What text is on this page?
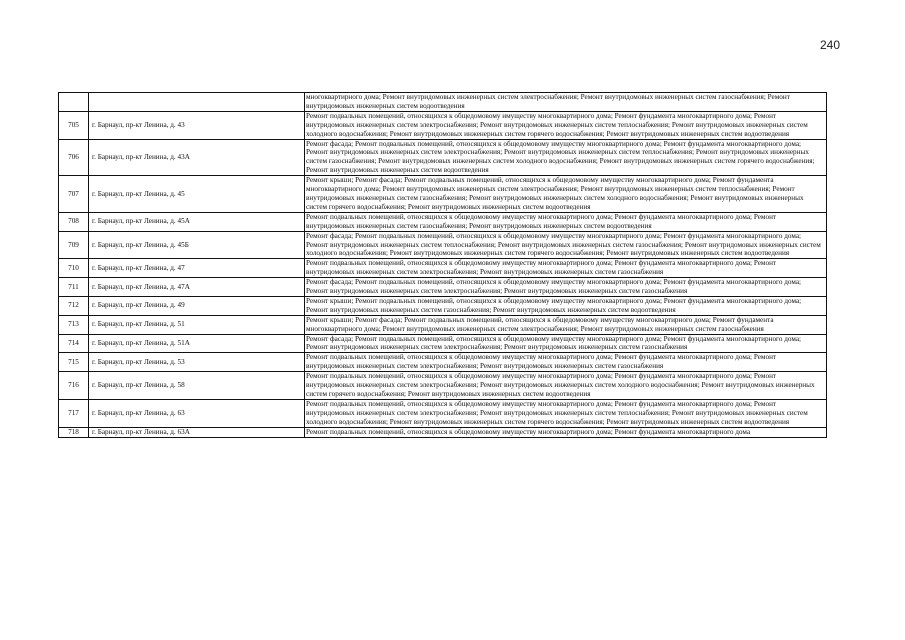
240
		многоквартирного дома; Ремонт внутридомовых инженерных систем электроснабжения; Ремонт внутридомовых инженерных систем газоснабжения; Ремонт внутридомовых инженерных систем водоотведения
705	г. Барнаул, пр-кт Ленина, д. 43	Ремонт подвальных помещений, относящихся к общедомовому имуществу многоквартирного дома; Ремонт фундамента многоквартирного дома; Ремонт внутридомовых инженерных систем электроснабжения; Ремонт внутридомовых инженерных систем теплоснабжения; Ремонт внутридомовых инженерных систем холодного водоснабжения; Ремонт внутридомовых инженерных систем горячего водоснабжения; Ремонт внутридомовых инженерных систем водоотведения
706	г. Барнаул, пр-кт Ленина, д. 43А	Ремонт фасада; Ремонт подвальных помещений, относящихся к общедомовому имуществу многоквартирного дома; Ремонт фундамента многоквартирного дома; Ремонт внутридомовых инженерных систем электроснабжения; Ремонт внутридомовых инженерных систем теплоснабжения; Ремонт внутридомовых инженерных систем газоснабжения; Ремонт внутридомовых инженерных систем холодного водоснабжения; Ремонт внутридомовых инженерных систем горячего водоснабжения; Ремонт внутридомовых инженерных систем водоотведения
707	г. Барнаул, пр-кт Ленина, д. 45	Ремонт крыши; Ремонт фасада; Ремонт подвальных помещений, относящихся к общедомовому имуществу многоквартирного дома; Ремонт фундамента многоквартирного дома; Ремонт внутридомовых инженерных систем электроснабжения; Ремонт внутридомовых инженерных систем теплоснабжения; Ремонт внутридомовых инженерных систем газоснабжения; Ремонт внутридомовых инженерных систем холодного водоснабжения; Ремонт внутридомовых инженерных систем горячего водоснабжения; Ремонт внутридомовых инженерных систем водоотведения
708	г. Барнаул, пр-кт Ленина, д. 45А	Ремонт подвальных помещений, относящихся к общедомовому имуществу многоквартирного дома; Ремонт фундамента многоквартирного дома; Ремонт внутридомовых инженерных систем газоснабжения; Ремонт внутридомовых инженерных систем водоотведения
709	г. Барнаул, пр-кт Ленина, д. 45Б	Ремонт фасада; Ремонт подвальных помещений, относящихся к общедомовому имуществу многоквартирного дома; Ремонт фундамента многоквартирного дома; Ремонт внутридомовых инженерных систем теплоснабжения; Ремонт внутридомовых инженерных систем газоснабжения; Ремонт внутридомовых инженерных систем холодного водоснабжения; Ремонт внутридомовых инженерных систем горячего водоснабжения; Ремонт внутридомовых инженерных систем водоотведения
710	г. Барнаул, пр-кт Ленина, д. 47	Ремонт подвальных помещений, относящихся к общедомовому имуществу многоквартирного дома; Ремонт фундамента многоквартирного дома; Ремонт внутридомовых инженерных систем электроснабжения; Ремонт внутридомовых инженерных систем газоснабжения
711	г. Барнаул, пр-кт Ленина, д. 47А	Ремонт фасада; Ремонт подвальных помещений, относящихся к общедомовому имуществу многоквартирного дома; Ремонт фундамента многоквартирного дома; Ремонт внутридомовых инженерных систем электроснабжения; Ремонт внутридомовых инженерных систем газоснабжения
712	г. Барнаул, пр-кт Ленина, д. 49	Ремонт крыши; Ремонт подвальных помещений, относящихся к общедомовому имуществу многоквартирного дома; Ремонт фундамента многоквартирного дома; Ремонт внутридомовых инженерных систем газоснабжения; Ремонт внутридомовых инженерных систем водоотведения
713	г. Барнаул, пр-кт Ленина, д. 51	Ремонт крыши; Ремонт фасада; Ремонт подвальных помещений, относящихся к общедомовому имуществу многоквартирного дома; Ремонт фундамента многоквартирного дома; Ремонт внутридомовых инженерных систем электроснабжения; Ремонт внутридомовых инженерных систем газоснабжения
714	г. Барнаул, пр-кт Ленина, д. 51А	Ремонт фасада; Ремонт подвальных помещений, относящихся к общедомовому имуществу многоквартирного дома; Ремонт фундамента многоквартирного дома; Ремонт внутридомовых инженерных систем электроснабжения; Ремонт внутридомовых инженерных систем газоснабжения
715	г. Барнаул, пр-кт Ленина, д. 53	Ремонт подвальных помещений, относящихся к общедомовому имуществу многоквартирного дома; Ремонт фундамента многоквартирного дома; Ремонт внутридомовых инженерных систем электроснабжения; Ремонт внутридомовых инженерных систем газоснабжения
716	г. Барнаул, пр-кт Ленина, д. 58	Ремонт подвальных помещений, относящихся к общедомовому имуществу многоквартирного дома; Ремонт фундамента многоквартирного дома; Ремонт внутридомовых инженерных систем электроснабжения; Ремонт внутридомовых инженерных систем холодного водоснабжения; Ремонт внутридомовых инженерных систем горячего водоснабжения; Ремонт внутридомовых инженерных систем водоотведения
717	г. Барнаул, пр-кт Ленина, д. 63	Ремонт подвальных помещений, относящихся к общедомовому имуществу многоквартирного дома; Ремонт фундамента многоквартирного дома; Ремонт внутридомовых инженерных систем электроснабжения; Ремонт внутридомовых инженерных систем теплоснабжения; Ремонт внутридомовых инженерных систем холодного водоснабжения; Ремонт внутридомовых инженерных систем горячего водоснабжения; Ремонт внутридомовых инженерных систем водоотведения
718	г. Барнаул, пр-кт Ленина, д. 63А	Ремонт подвальных помещений, относящихся к общедомовому имуществу многоквартирного дома; Ремонт фундамента многоквартирного дома
